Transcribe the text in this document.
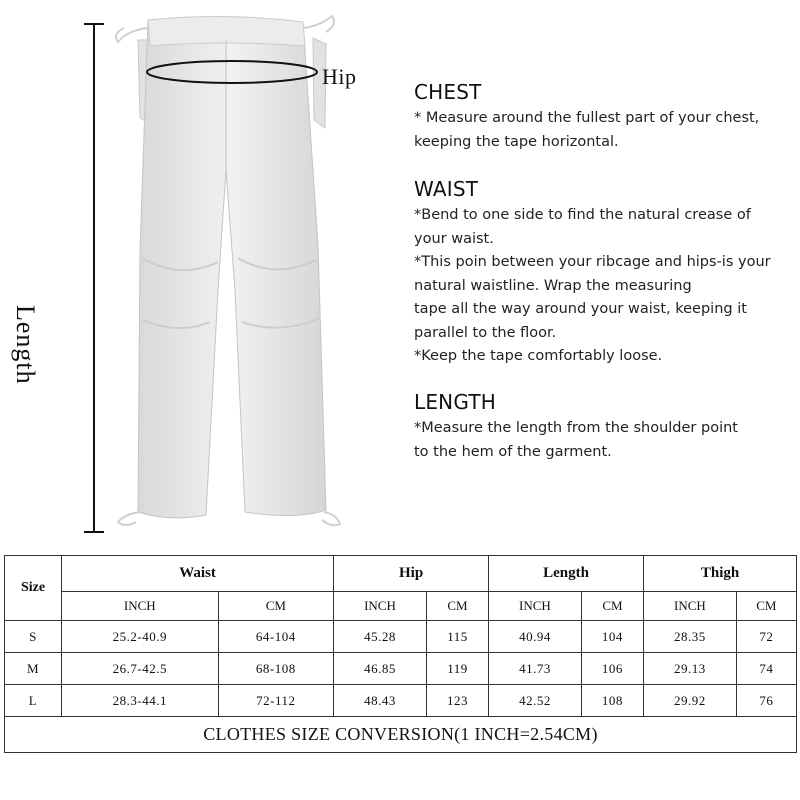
Hip
Length
CHEST

* Measure around the fullest part of your chest,

keeping the tape horizontal.

WAIST

*Bend to one side to find the natural crease of

your waist.

*This poin between your ribcage and hips-is your

natural waistline. Wrap the measuring

tape all the way around your waist, keeping it

parallel to the floor.

*Keep the tape comfortably loose.

LENGTH

*Measure the length from the shoulder point

to the hem of the garment.

Size	Waist		Hip		Length		Thigh	
	INCH	CM	INCH	CM	INCH	CM	INCH	CM
S	25.2-40.9	64-104	45.28	115	40.94	104	28.35	72
M	26.7-42.5	68-108	46.85	119	41.73	106	29.13	74
L	28.3-44.1	72-112	48.43	123	42.52	108	29.92	76
CLOTHES SIZE CONVERSION(1 INCH=2.54CM)								
